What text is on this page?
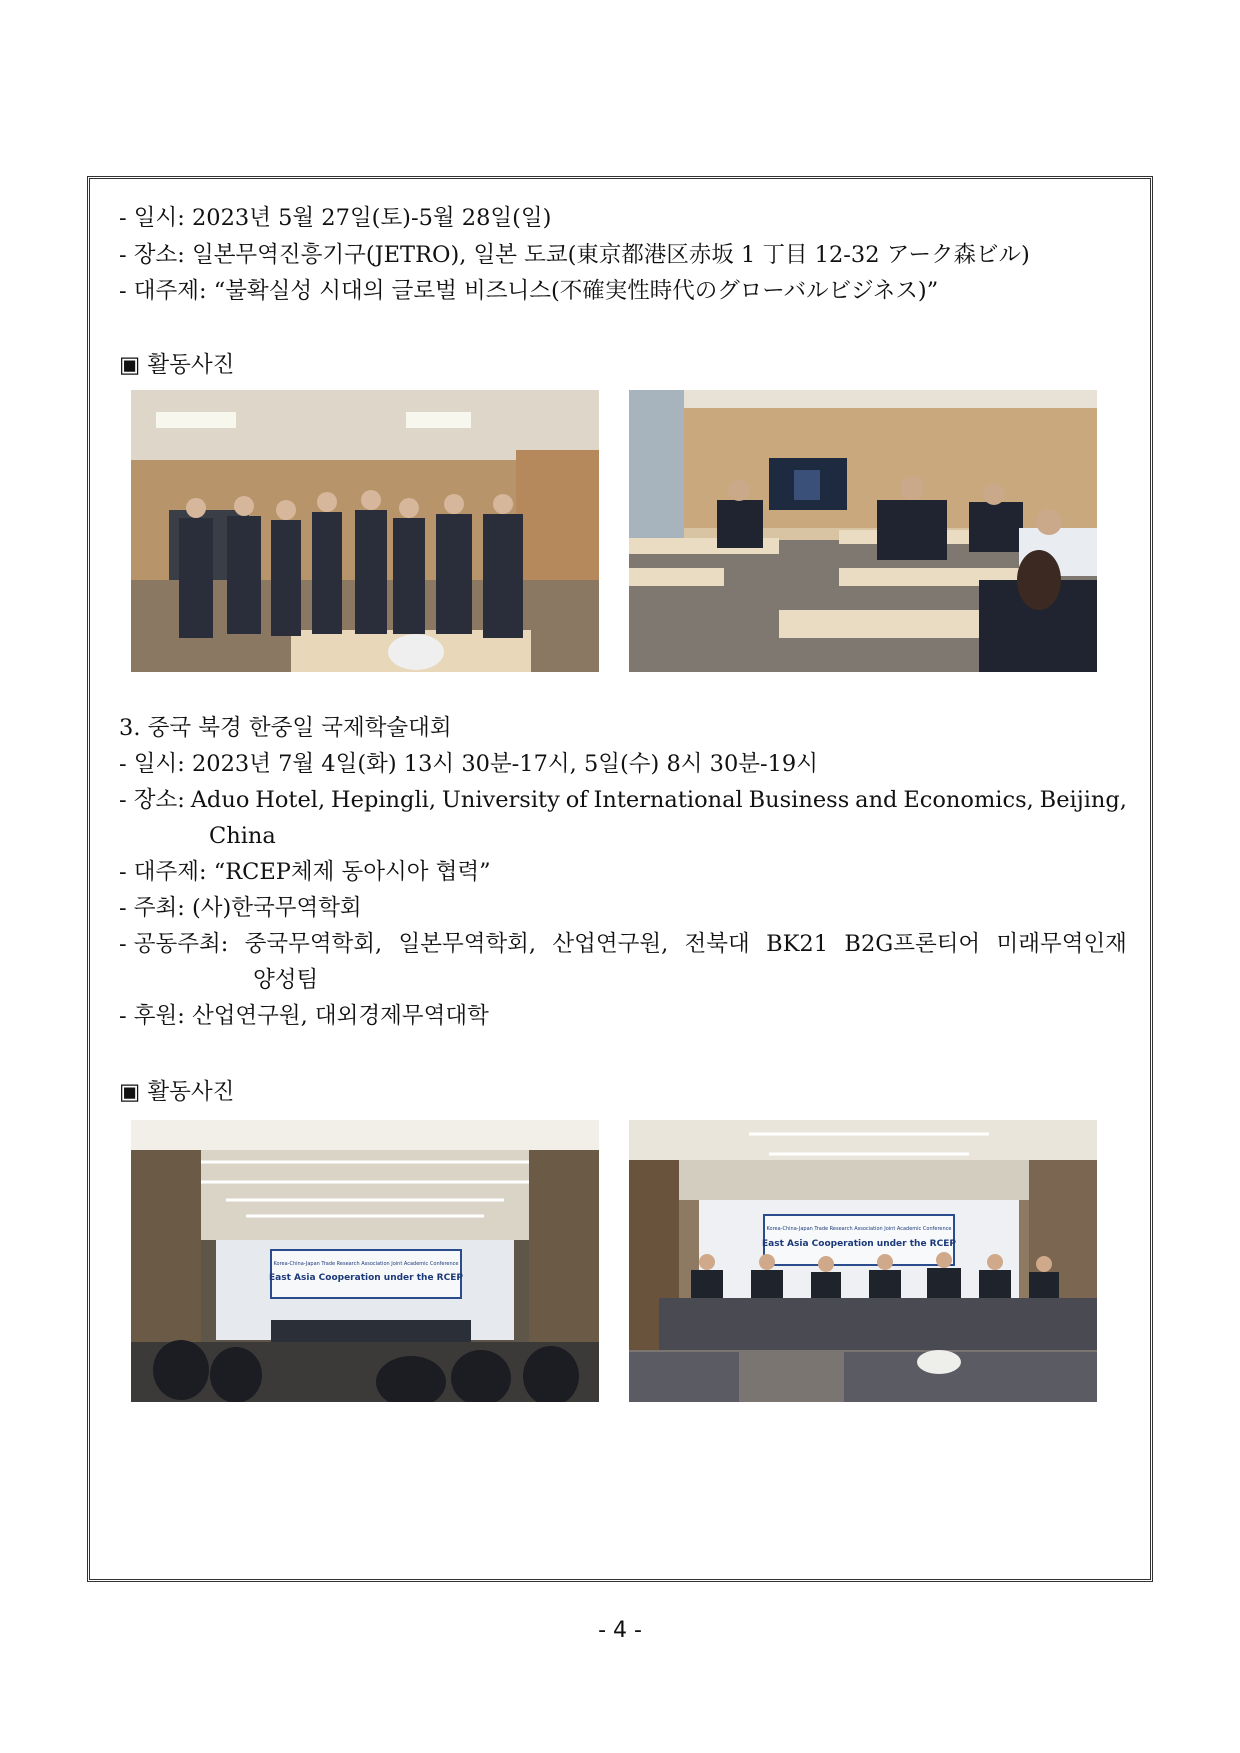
- 일시: 2023년 5월 27일(토)-5월 28일(일)
- 장소: 일본무역진흥기구(JETRO), 일본 도쿄(東京都港区赤坂 1 丁目 12-32 アーク森ビル)
- 대주제: “불확실성 시대의 글로벌 비즈니스(不確実性時代のグローバルビジネス)”
▣ 활동사진
3. 중국 북경 한중일 국제학술대회
- 일시: 2023년 7월 4일(화) 13시 30분-17시, 5일(수) 8시 30분-19시
- 장소: Aduo Hotel, Hepingli, University of International Business and Economics, Beijing,
China
- 대주제: “RCEP체제 동아시아 협력”
- 주최: (사)한국무역학회
- 공동주최: 중국무역학회, 일본무역학회, 산업연구원, 전북대 BK21 B2G프론티어 미래무역인재
양성팀
- 후원: 산업연구원, 대외경제무역대학
▣ 활동사진
Korea-China-Japan Trade Research Association Joint Academic Conference
East Asia Cooperation under the RCEP
Korea-China-Japan Trade Research Association Joint Academic Conference
East Asia Cooperation under the RCEP
- 4 -
